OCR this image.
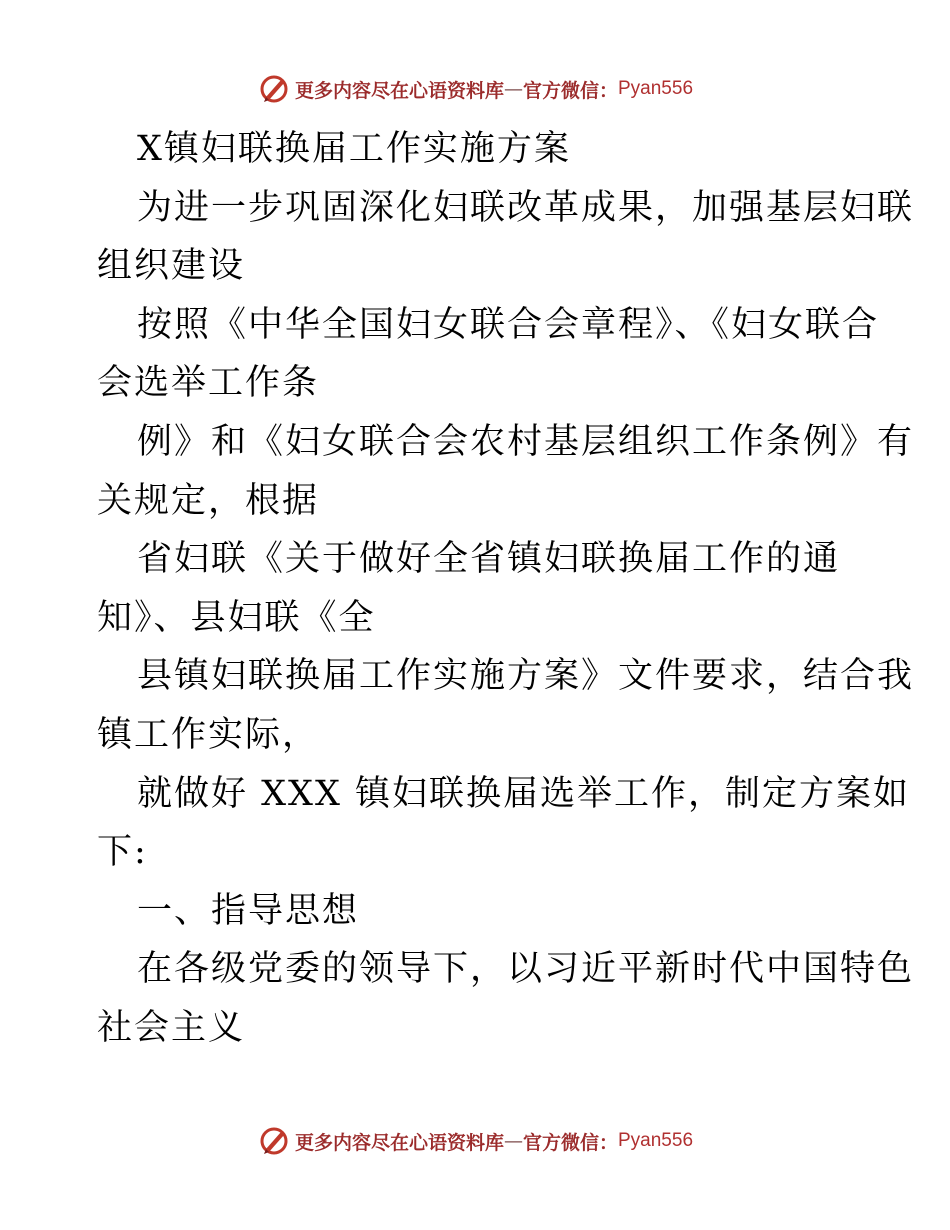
更多内容尽在心语资料库 — 官方微信： Pyan556
X镇妇联换届工作实施方案
为进一步巩固深化妇联改革成果，加强基层妇联
组织建设
按照《中华全国妇女联合会章程》、《妇女联合
会选举工作条
例》和《妇女联合会农村基层组织工作条例》有
关规定，根据
省妇联《关于做好全省镇妇联换届工作的通
知》、县妇联《全
县镇妇联换届工作实施方案》文件要求，结合我
镇工作实际，
就做好 XXX 镇妇联换届选举工作，制定方案如
下:
一、指导思想
在各级党委的领导下，以习近平新时代中国特色
社会主义
更多内容尽在心语资料库 — 官方微信： Pyan556
